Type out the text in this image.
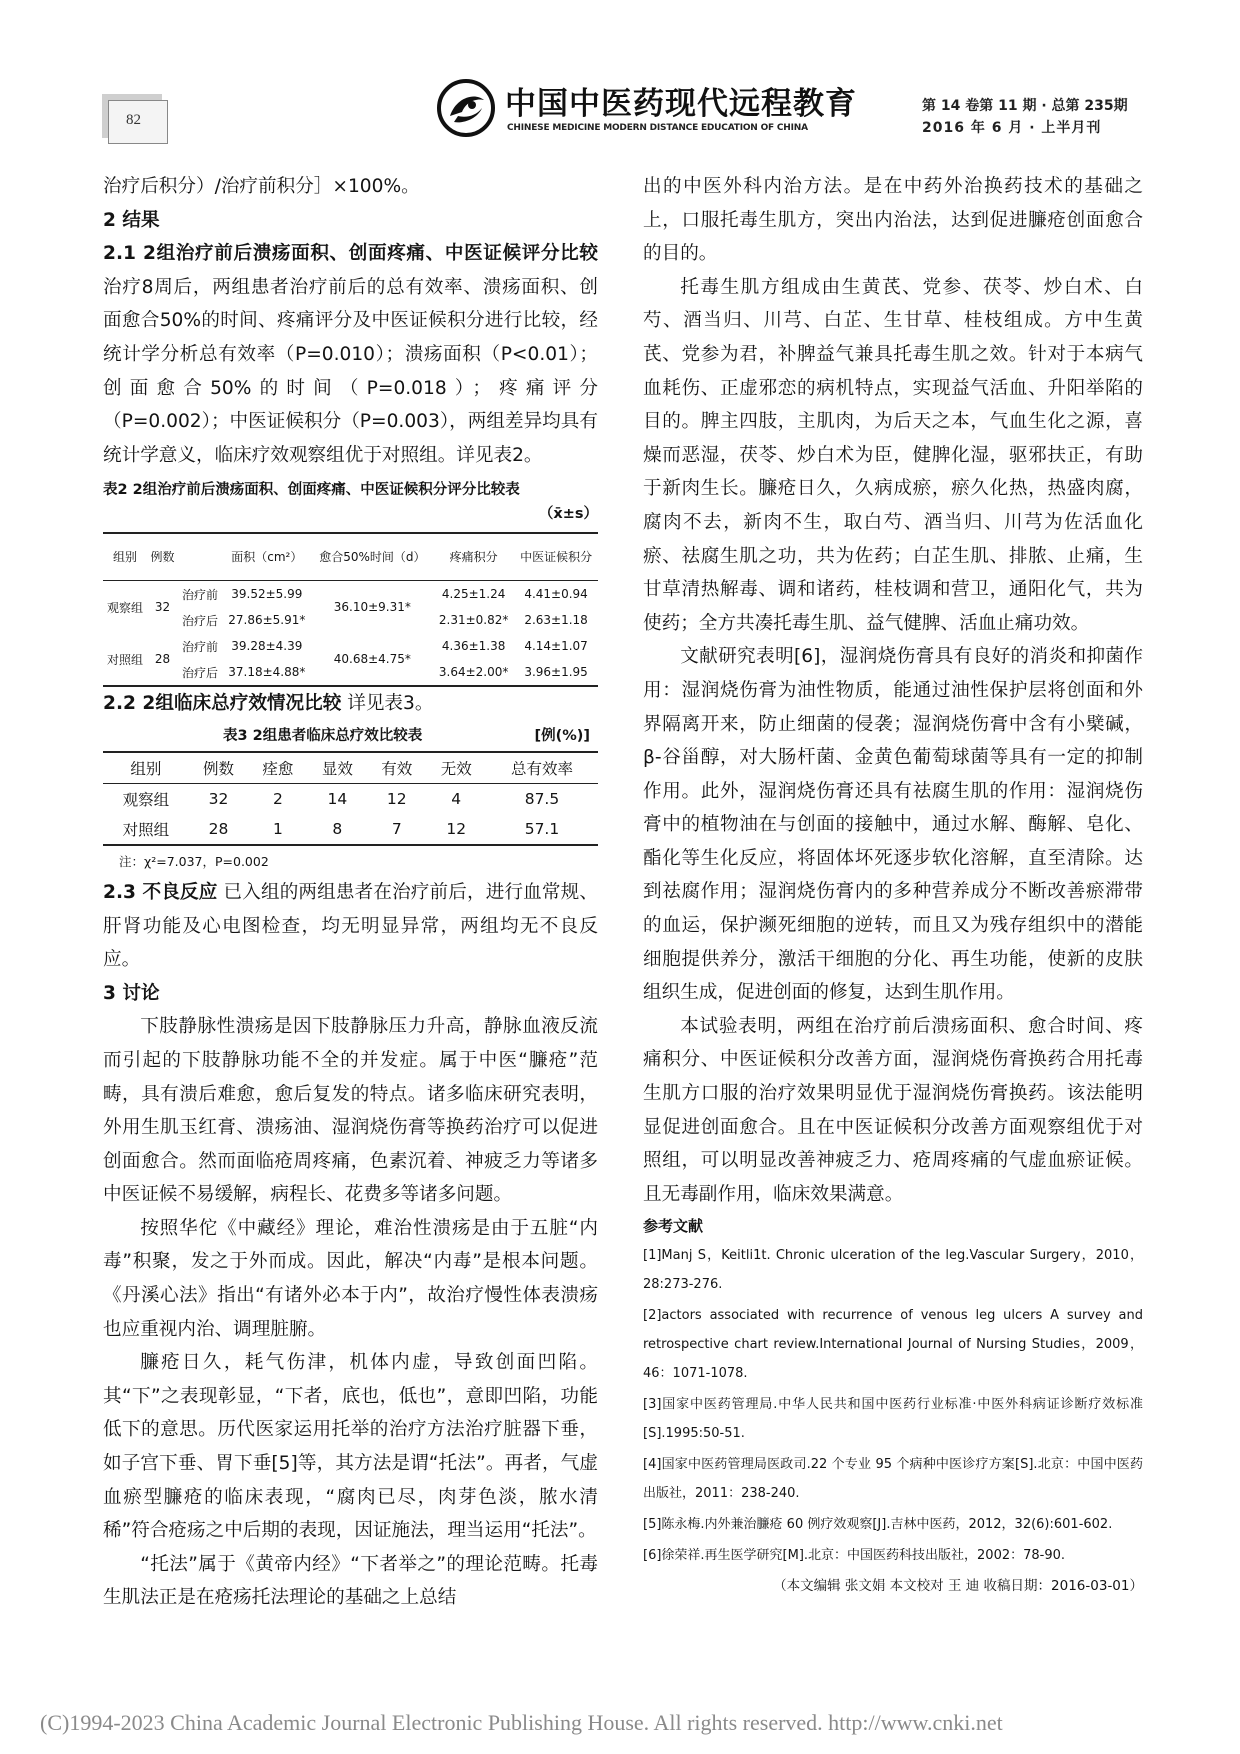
82	中国中医药现代远程教育
CHINESE MEDICINE MODERN DISTANCE EDUCATION OF CHINA
第 14 卷第 11 期 · 总第 235期
2016 年 6 月 · 上半月刊

治疗后积分）/治疗前积分］×100%。

2 结果

2.1 2组治疗前后溃疡面积、创面疼痛、中医证候评分比较 治疗8周后，两组患者治疗前后的总有效率、溃疡面积、创面愈合50%的时间、疼痛评分及中医证候积分进行比较，经统计学分析总有效率（P=0.010）；溃疡面积（P<0.01）；创面愈合50%的时间（P=0.018）；疼痛评分（P=0.002）；中医证候积分（P=0.003），两组差异均具有统计学意义，临床疗效观察组优于对照组。详见表2。

表2 2组治疗前后溃疡面积、创面疼痛、中医证候积分评分比较表

（x̄±s）

组别	例数		面积（cm²）	愈合50%时间（d）	疼痛积分	中医证候积分
观察组	32	治疗前	39.52±5.99	36.10±9.31*	4.25±1.24	4.41±0.94
		治疗后	27.86±5.91*		2.31±0.82*	2.63±1.18
对照组	28	治疗前	39.28±4.39	40.68±4.75*	4.36±1.38	4.14±1.07
		治疗后	37.18±4.88*		3.64±2.00*	3.96±1.95

2.2 2组临床总疗效情况比较 详见表3。

表3 2组患者临床总疗效比较表	[例(%)]
组别	例数	痊愈	显效	有效	无效	总有效率
观察组	32	2	14	12	4	87.5
对照组	28	1	8	7	12	57.1

注：χ²=7.037，P=0.002

2.3 不良反应 已入组的两组患者在治疗前后，进行血常规、肝肾功能及心电图检查，均无明显异常，两组均无不良反应。

3 讨论

下肢静脉性溃疡是因下肢静脉压力升高，静脉血液反流而引起的下肢静脉功能不全的并发症。属于中医“臁疮”范畴，具有溃后难愈，愈后复发的特点。诸多临床研究表明，外用生肌玉红膏、溃疡油、湿润烧伤膏等换药治疗可以促进创面愈合。然而面临疮周疼痛，色素沉着、神疲乏力等诸多中医证候不易缓解，病程长、花费多等诸多问题。

按照华佗《中藏经》理论，难治性溃疡是由于五脏“内毒”积聚，发之于外而成。因此，解决“内毒”是根本问题。《丹溪心法》指出“有诸外必本于内”，故治疗慢性体表溃疡也应重视内治、调理脏腑。

臁疮日久，耗气伤津，机体内虚，导致创面凹陷。其“下”之表现彰显，“下者，底也，低也”，意即凹陷，功能低下的意思。历代医家运用托举的治疗方法治疗脏器下垂，如子宫下垂、胃下垂[5]等，其方法是谓“托法”。再者，气虚血瘀型臁疮的临床表现，“腐肉已尽，肉芽色淡，脓水清稀”符合疮疡之中后期的表现，因证施法，理当运用“托法”。

“托法”属于《黄帝内经》“下者举之”的理论范畴。托毒生肌法正是在疮疡托法理论的基础之上总结

出的中医外科内治方法。是在中药外治换药技术的基础之上，口服托毒生肌方，突出内治法，达到促进臁疮创面愈合的目的。

托毒生肌方组成由生黄芪、党参、茯苓、炒白术、白芍、酒当归、川芎、白芷、生甘草、桂枝组成。方中生黄芪、党参为君，补脾益气兼具托毒生肌之效。针对于本病气血耗伤、正虚邪恋的病机特点，实现益气活血、升阳举陷的目的。脾主四肢，主肌肉，为后天之本，气血生化之源，喜燥而恶湿，茯苓、炒白术为臣，健脾化湿，驱邪扶正，有助于新肉生长。臁疮日久，久病成瘀，瘀久化热，热盛肉腐，腐肉不去，新肉不生，取白芍、酒当归、川芎为佐活血化瘀、祛腐生肌之功，共为佐药；白芷生肌、排脓、止痛，生甘草清热解毒、调和诸药，桂枝调和营卫，通阳化气，共为使药；全方共凑托毒生肌、益气健脾、活血止痛功效。

文献研究表明[6]，湿润烧伤膏具有良好的消炎和抑菌作用：湿润烧伤膏为油性物质，能通过油性保护层将创面和外界隔离开来，防止细菌的侵袭；湿润烧伤膏中含有小檗碱，β-谷甾醇，对大肠杆菌、金黄色葡萄球菌等具有一定的抑制作用。此外，湿润烧伤膏还具有祛腐生肌的作用：湿润烧伤膏中的植物油在与创面的接触中，通过水解、酶解、皂化、酯化等生化反应，将固体坏死逐步软化溶解，直至清除。达到祛腐作用；湿润烧伤膏内的多种营养成分不断改善瘀滞带的血运，保护濒死细胞的逆转，而且又为残存组织中的潜能细胞提供养分，激活干细胞的分化、再生功能，使新的皮肤组织生成，促进创面的修复，达到生肌作用。

本试验表明，两组在治疗前后溃疡面积、愈合时间、疼痛积分、中医证候积分改善方面，湿润烧伤膏换药合用托毒生肌方口服的治疗效果明显优于湿润烧伤膏换药。该法能明显促进创面愈合。且在中医证候积分改善方面观察组优于对照组，可以明显改善神疲乏力、疮周疼痛的气虚血瘀证候。且无毒副作用，临床效果满意。

参考文献

[1]Manj S，Keitli1t. Chronic ulceration of the leg.Vascular Surgery，2010，28:273-276.

[2]actors associated with recurrence of venous leg ulcers A survey and retrospective chart review.International Journal of Nursing Studies，2009，46：1071-1078.

[3]国家中医药管理局.中华人民共和国中医药行业标准·中医外科病证诊断疗效标准[S].1995:50-51.

[4]国家中医药管理局医政司.22 个专业 95 个病种中医诊疗方案[S].北京：中国中医药出版社，2011：238-240.

[5]陈永梅.内外兼治臁疮 60 例疗效观察[J].吉林中医药，2012，32(6):601-602.

[6]徐荣祥.再生医学研究[M].北京：中国医药科技出版社，2002：78-90.

（本文编辑 张文娟 本文校对 王 迪 收稿日期：2016-03-01）

(C)1994-2023 China Academic Journal Electronic Publishing House. All rights reserved. http://www.cnki.net
